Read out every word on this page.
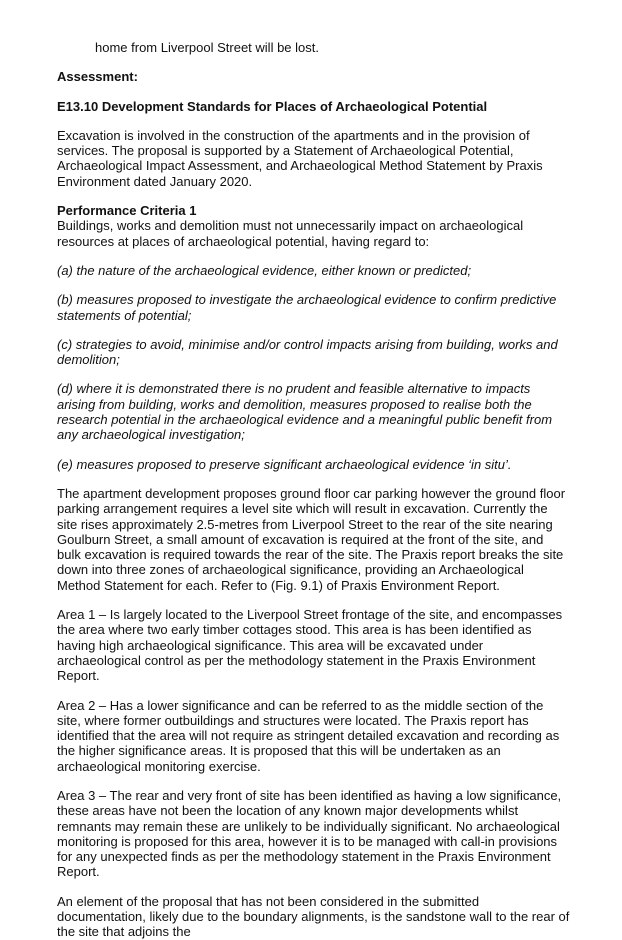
home from Liverpool Street will be lost.

Assessment:

E13.10 Development Standards for Places of Archaeological Potential

Excavation is involved in the construction of the apartments and in the provision of services. The proposal is supported by a Statement of Archaeological Potential, Archaeological Impact Assessment, and Archaeological Method Statement by Praxis Environment dated January 2020.

Performance Criteria 1

Buildings, works and demolition must not unnecessarily impact on archaeological resources at places of archaeological potential, having regard to:

(a) the nature of the archaeological evidence, either known or predicted;

(b) measures proposed to investigate the archaeological evidence to confirm predictive statements of potential;

(c) strategies to avoid, minimise and/or control impacts arising from building, works and demolition;

(d) where it is demonstrated there is no prudent and feasible alternative to impacts arising from building, works and demolition, measures proposed to realise both the research potential in the archaeological evidence and a meaningful public benefit from any archaeological investigation;

(e) measures proposed to preserve significant archaeological evidence ‘in situ’.

The apartment development proposes ground floor car parking however the ground floor parking arrangement requires a level site which will result in excavation. Currently the site rises approximately 2.5-metres from Liverpool Street to the rear of the site nearing Goulburn Street, a small amount of excavation is required at the front of the site, and bulk excavation is required towards the rear of the site. The Praxis report breaks the site down into three zones of archaeological significance, providing an Archaeological Method Statement for each. Refer to (Fig. 9.1) of Praxis Environment Report.

Area 1 – Is largely located to the Liverpool Street frontage of the site, and encompasses the area where two early timber cottages stood. This area is has been identified as having high archaeological significance. This area will be excavated under archaeological control as per the methodology statement in the Praxis Environment Report.

Area 2 – Has a lower significance and can be referred to as the middle section of the site, where former outbuildings and structures were located. The Praxis report has identified that the area will not require as stringent detailed excavation and recording as the higher significance areas. It is proposed that this will be undertaken as an archaeological monitoring exercise.

Area 3 – The rear and very front of site has been identified as having a low significance, these areas have not been the location of any known major developments whilst remnants may remain these are unlikely to be individually significant. No archaeological monitoring is proposed for this area, however it is to be managed with call-in provisions for any unexpected finds as per the methodology statement in the Praxis Environment Report.

An element of the proposal that has not been considered in the submitted documentation, likely due to the boundary alignments, is the sandstone wall to the rear of the site that adjoins the
